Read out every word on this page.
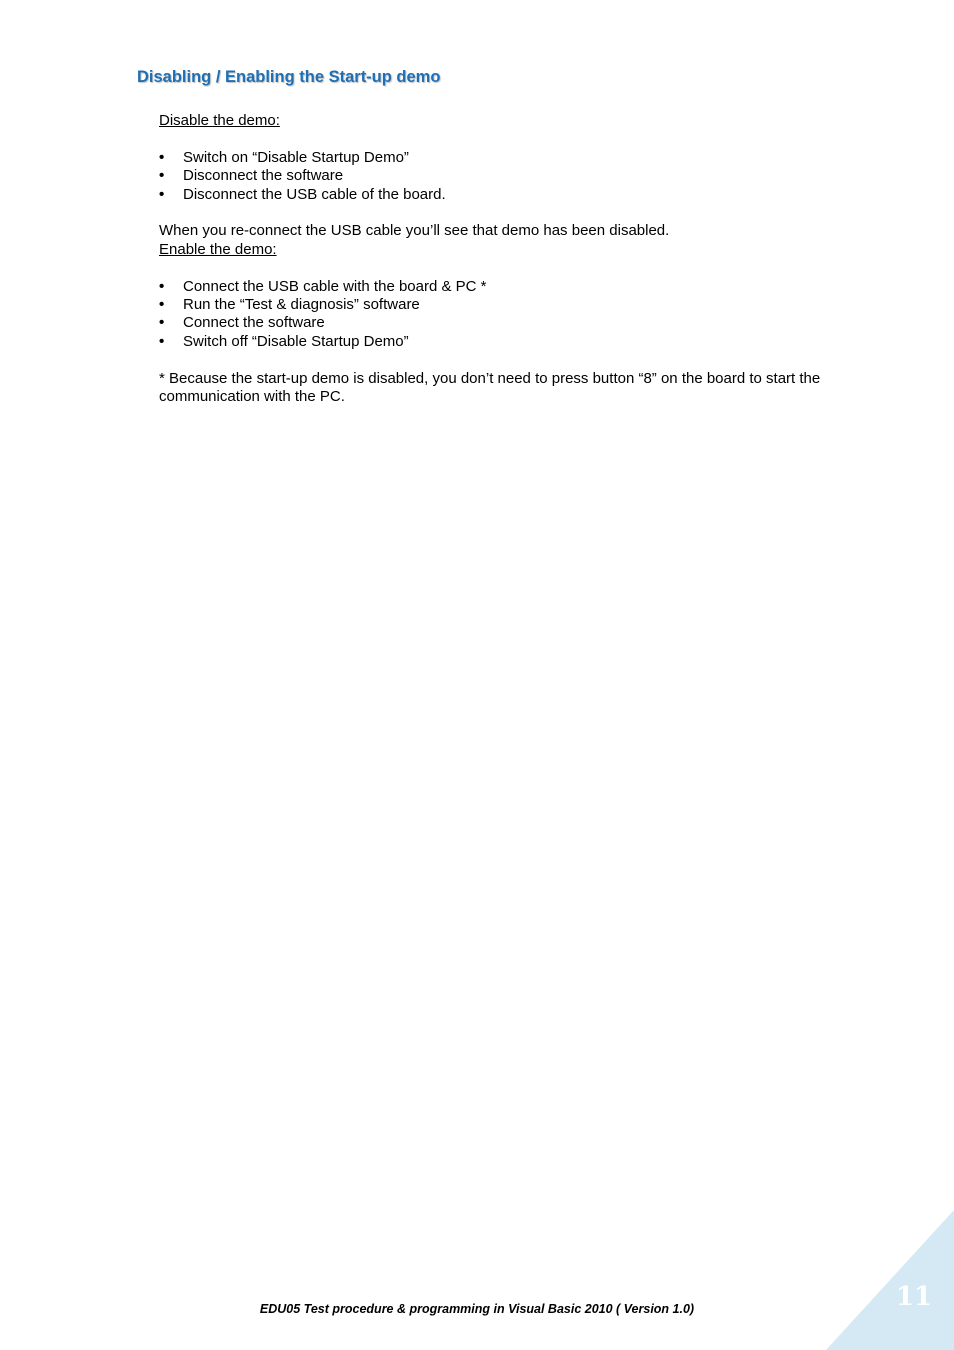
Disabling / Enabling the Start-up demo
Disable the demo:
• Switch on “Disable Startup Demo”
• Disconnect the software
• Disconnect the USB cable of the board.
When you re-connect the USB cable you’ll see that demo has been disabled.
Enable the demo:
• Connect the USB cable with the board & PC *
• Run the “Test & diagnosis” software
• Connect the software
• Switch off “Disable Startup Demo”
* Because the start-up demo is disabled, you don’t need to press button “8” on the board to start the communication with the PC.
EDU05 Test procedure & programming in Visual Basic 2010 ( Version 1.0)	11
